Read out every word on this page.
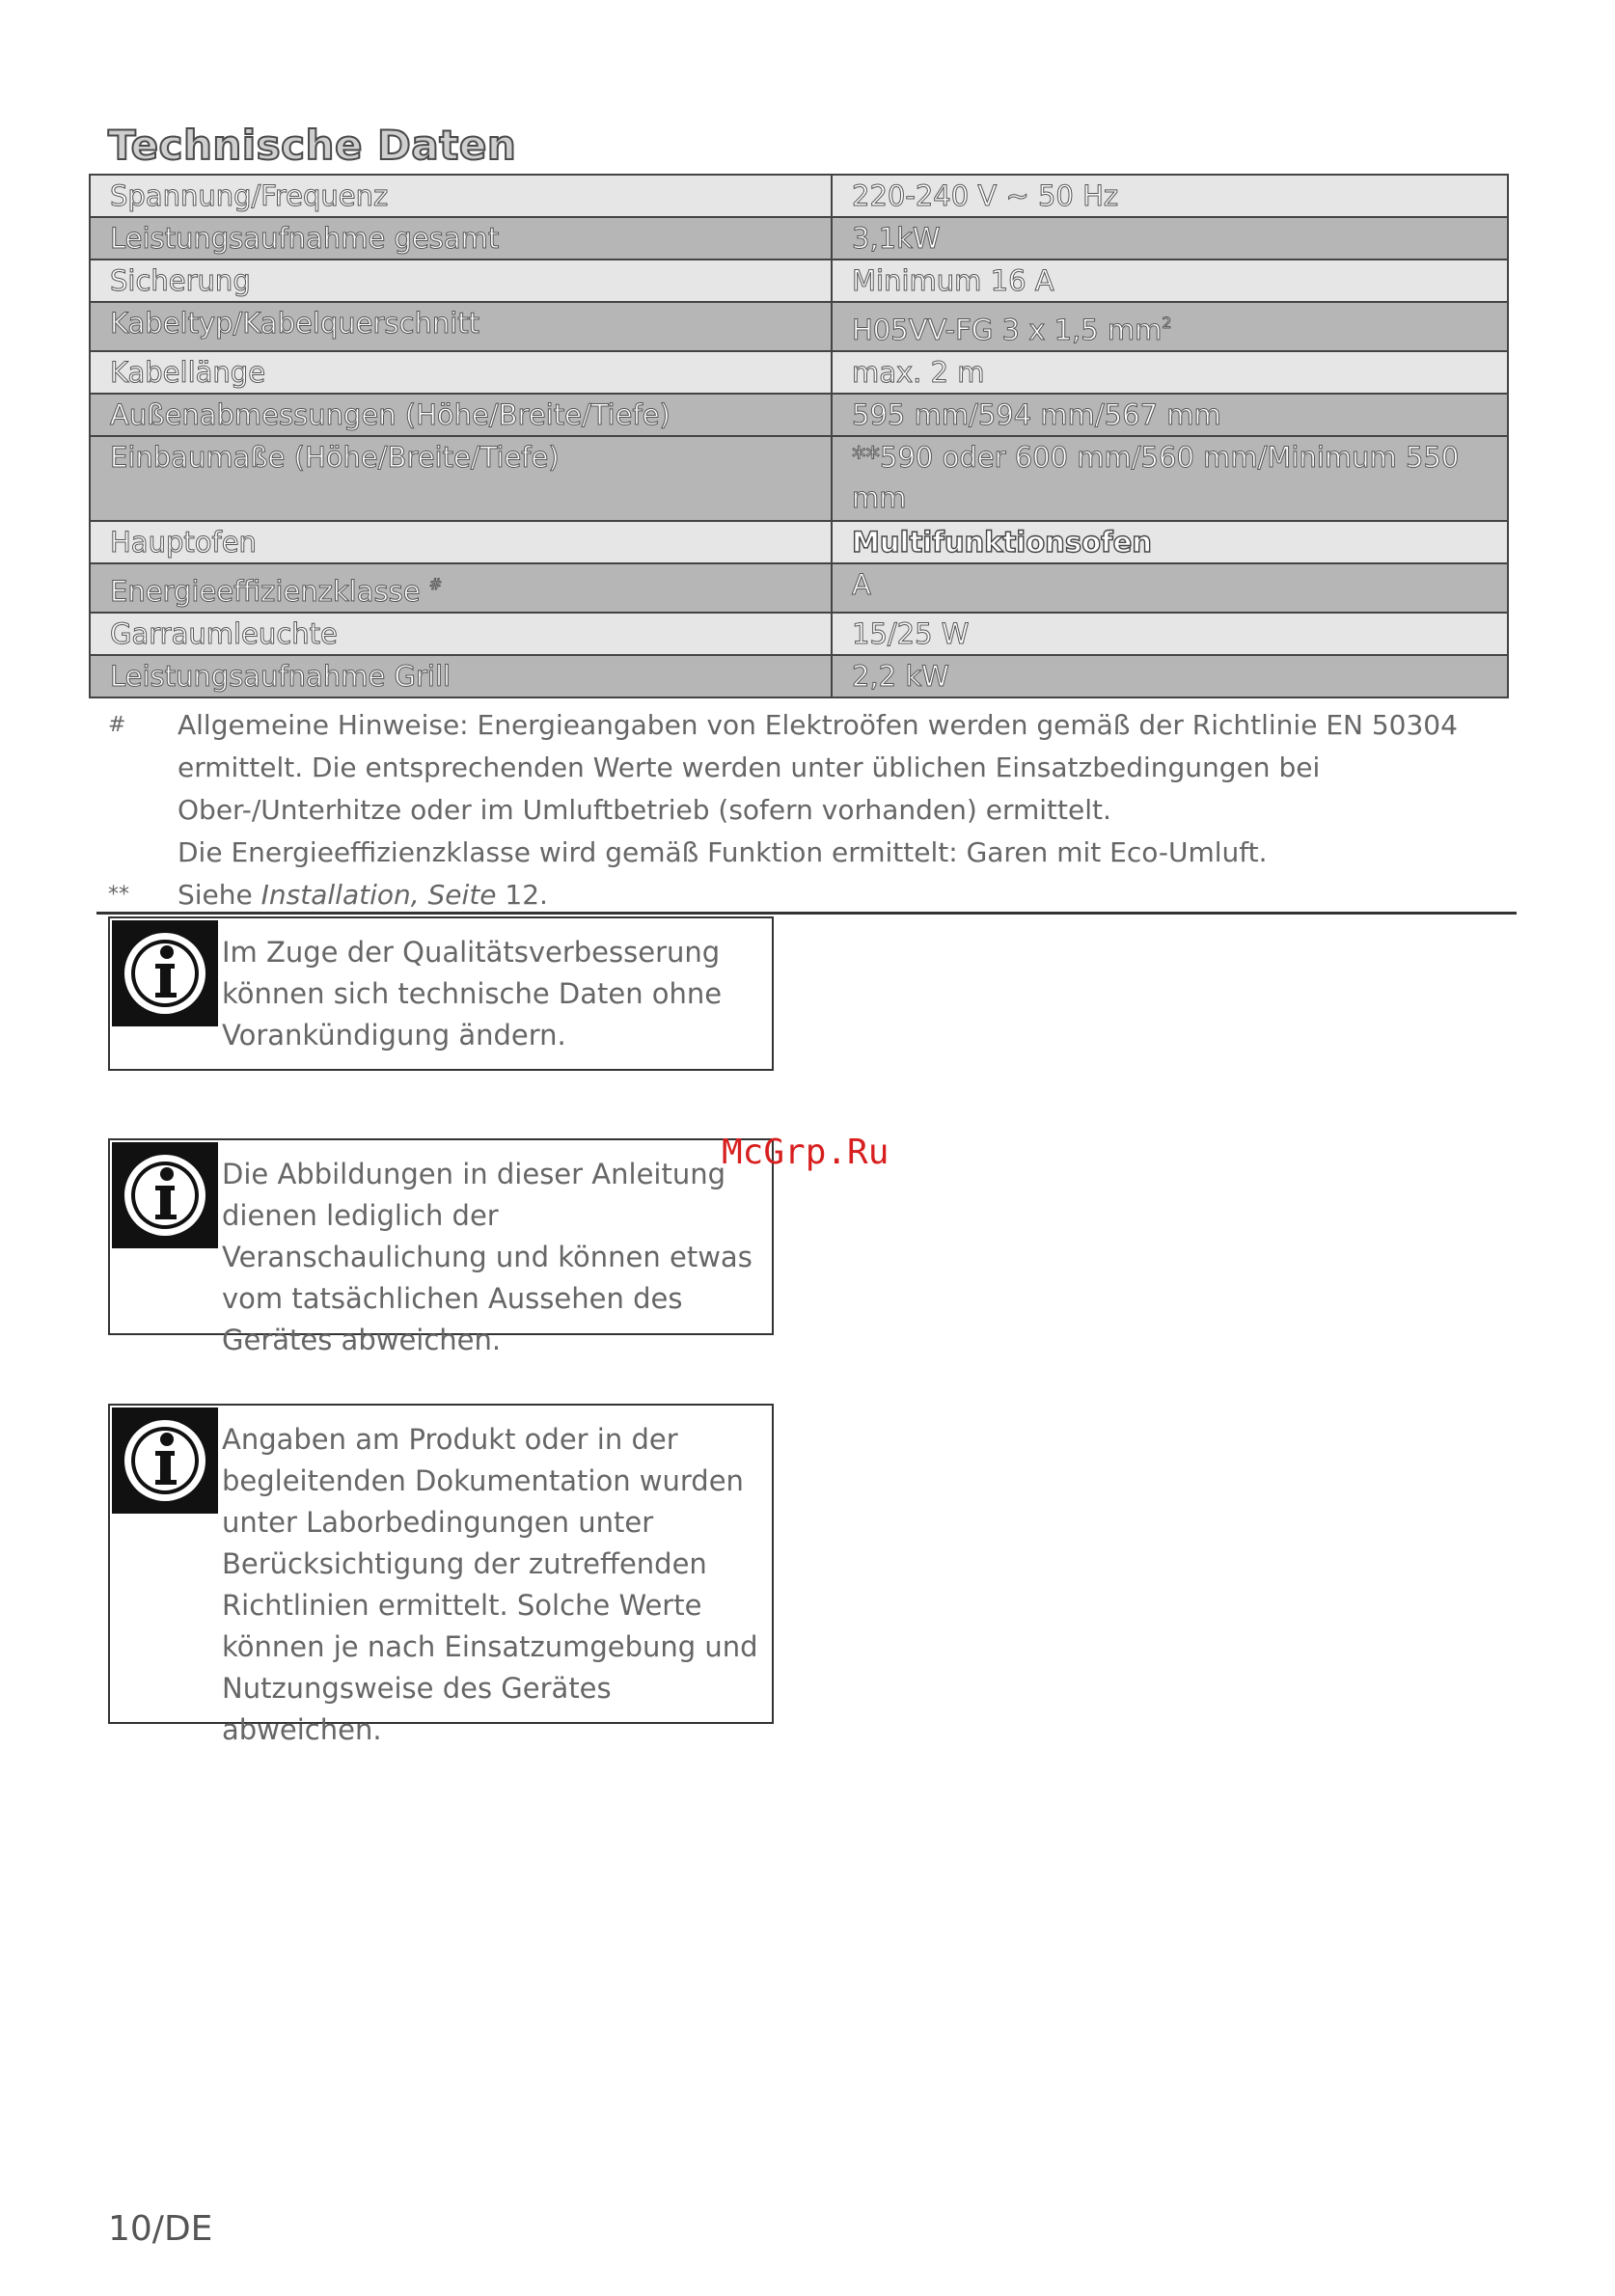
Technische Daten
Spannung/Frequenz	220-240 V ~ 50 Hz
Leistungsaufnahme gesamt	3,1kW
Sicherung	Minimum 16 A
Kabeltyp/Kabelquerschnitt	H05VV-FG 3 x 1,5 $mm^2$
Kabellänge	max. 2 m
Außenabmessungen (Höhe/Breite/Tiefe)	595 mm/594 mm/567 mm
Einbaumaße (Höhe/Breite/Tiefe)	**590 oder 600 mm/560 mm/Minimum 550 mm
Hauptofen	Multifunktionsofen
Energieeffizienzklasse #	A
Garraumleuchte	15/25 W
Leistungsaufnahme Grill	2,2 kW
# Allgemeine Hinweise: Energieangaben von Elektroöfen werden gemäß der Richtlinie EN 50304 ermittelt. Die entsprechenden Werte werden unter üblichen Einsatzbedingungen bei Ober-/Unterhitze oder im Umluftbetrieb (sofern vorhanden) ermittelt.
Die Energieeffizienzklasse wird gemäß Funktion ermittelt: Garen mit Eco-Umluft.
** Siehe Installation, Seite 12.
Im Zuge der Qualitätsverbesserung können sich technische Daten ohne Vorankündigung ändern.
Die Abbildungen in dieser Anleitung dienen lediglich der Veranschaulichung und können etwas vom tatsächlichen Aussehen des Gerätes abweichen.
Angaben am Produkt oder in der begleitenden Dokumentation wurden unter Laborbedingungen unter Berücksichtigung der zutreffenden Richtlinien ermittelt. Solche Werte können je nach Einsatzumgebung und Nutzungsweise des Gerätes abweichen.
McGrp.Ru
10/DE
